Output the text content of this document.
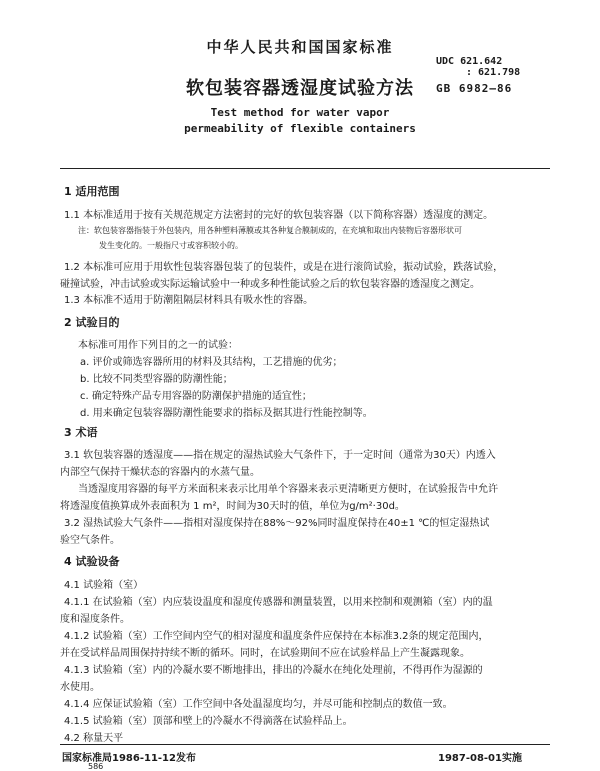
中华人民共和国国家标准
UDC 621.642
: 621.798
软包装容器透湿度试验方法	GB 6982—86
Test method for water vapor
permeability of flexible containers
1 适用范围
1.1 本标准适用于按有关规范规定方法密封的完好的软包装容器（以下简称容器）透湿度的测定。
注：软包装容器指装于外包装内，用各种塑料薄膜或其各种复合膜制成的，在充填和取出内装物后容器形状可
发生变化的。一般指尺寸或容积较小的。
1.2 本标准可应用于用软性包装容器包装了的包装件，或是在进行滚筒试验，振动试验，跌落试验，
碰撞试验，冲击试验或实际运输试验中一种或多种性能试验之后的软包装容器的透湿度之测定。
1.3 本标准不适用于防潮阻隔层材料具有吸水性的容器。
2 试验目的
本标准可用作下列目的之一的试验：
a. 评价或筛选容器所用的材料及其结构，工艺措施的优劣；
b. 比较不同类型容器的防潮性能；
c. 确定特殊产品专用容器的防潮保护措施的适宜性；
d. 用来确定包装容器防潮性能要求的指标及据其进行性能控制等。
3 术语
3.1 软包装容器的透湿度——指在规定的湿热试验大气条件下，于一定时间（通常为30天）内透入
内部空气保持干燥状态的容器内的水蒸气量。
当透湿度用容器的每平方米面积来表示比用单个容器来表示更清晰更方便时，在试验报告中允许
将透湿度值换算成外表面积为 1 m²，时间为30天时的值，单位为g/m²·30d。
3.2 湿热试验大气条件——指相对湿度保持在88%～92%同时温度保持在40±1 ℃的恒定湿热试
验空气条件。
4 试验设备
4.1 试验箱（室）
4.1.1 在试验箱（室）内应装设温度和湿度传感器和测量装置，以用来控制和观测箱（室）内的温
度和湿度条件。
4.1.2 试验箱（室）工作空间内空气的相对湿度和温度条件应保持在本标准3.2条的规定范围内，
并在受试样品周围保持持续不断的循环。同时，在试验期间不应在试验样品上产生凝露现象。
4.1.3 试验箱（室）内的冷凝水要不断地排出，排出的冷凝水在纯化处理前，不得再作为湿源的
水使用。
4.1.4 应保证试验箱（室）工作空间中各处温湿度均匀，并尽可能和控制点的数值一致。
4.1.5 试验箱（室）顶部和壁上的冷凝水不得滴落在试验样品上。
4.2 称量天平
国家标准局1986-11-12发布	1987-08-01实施
586
